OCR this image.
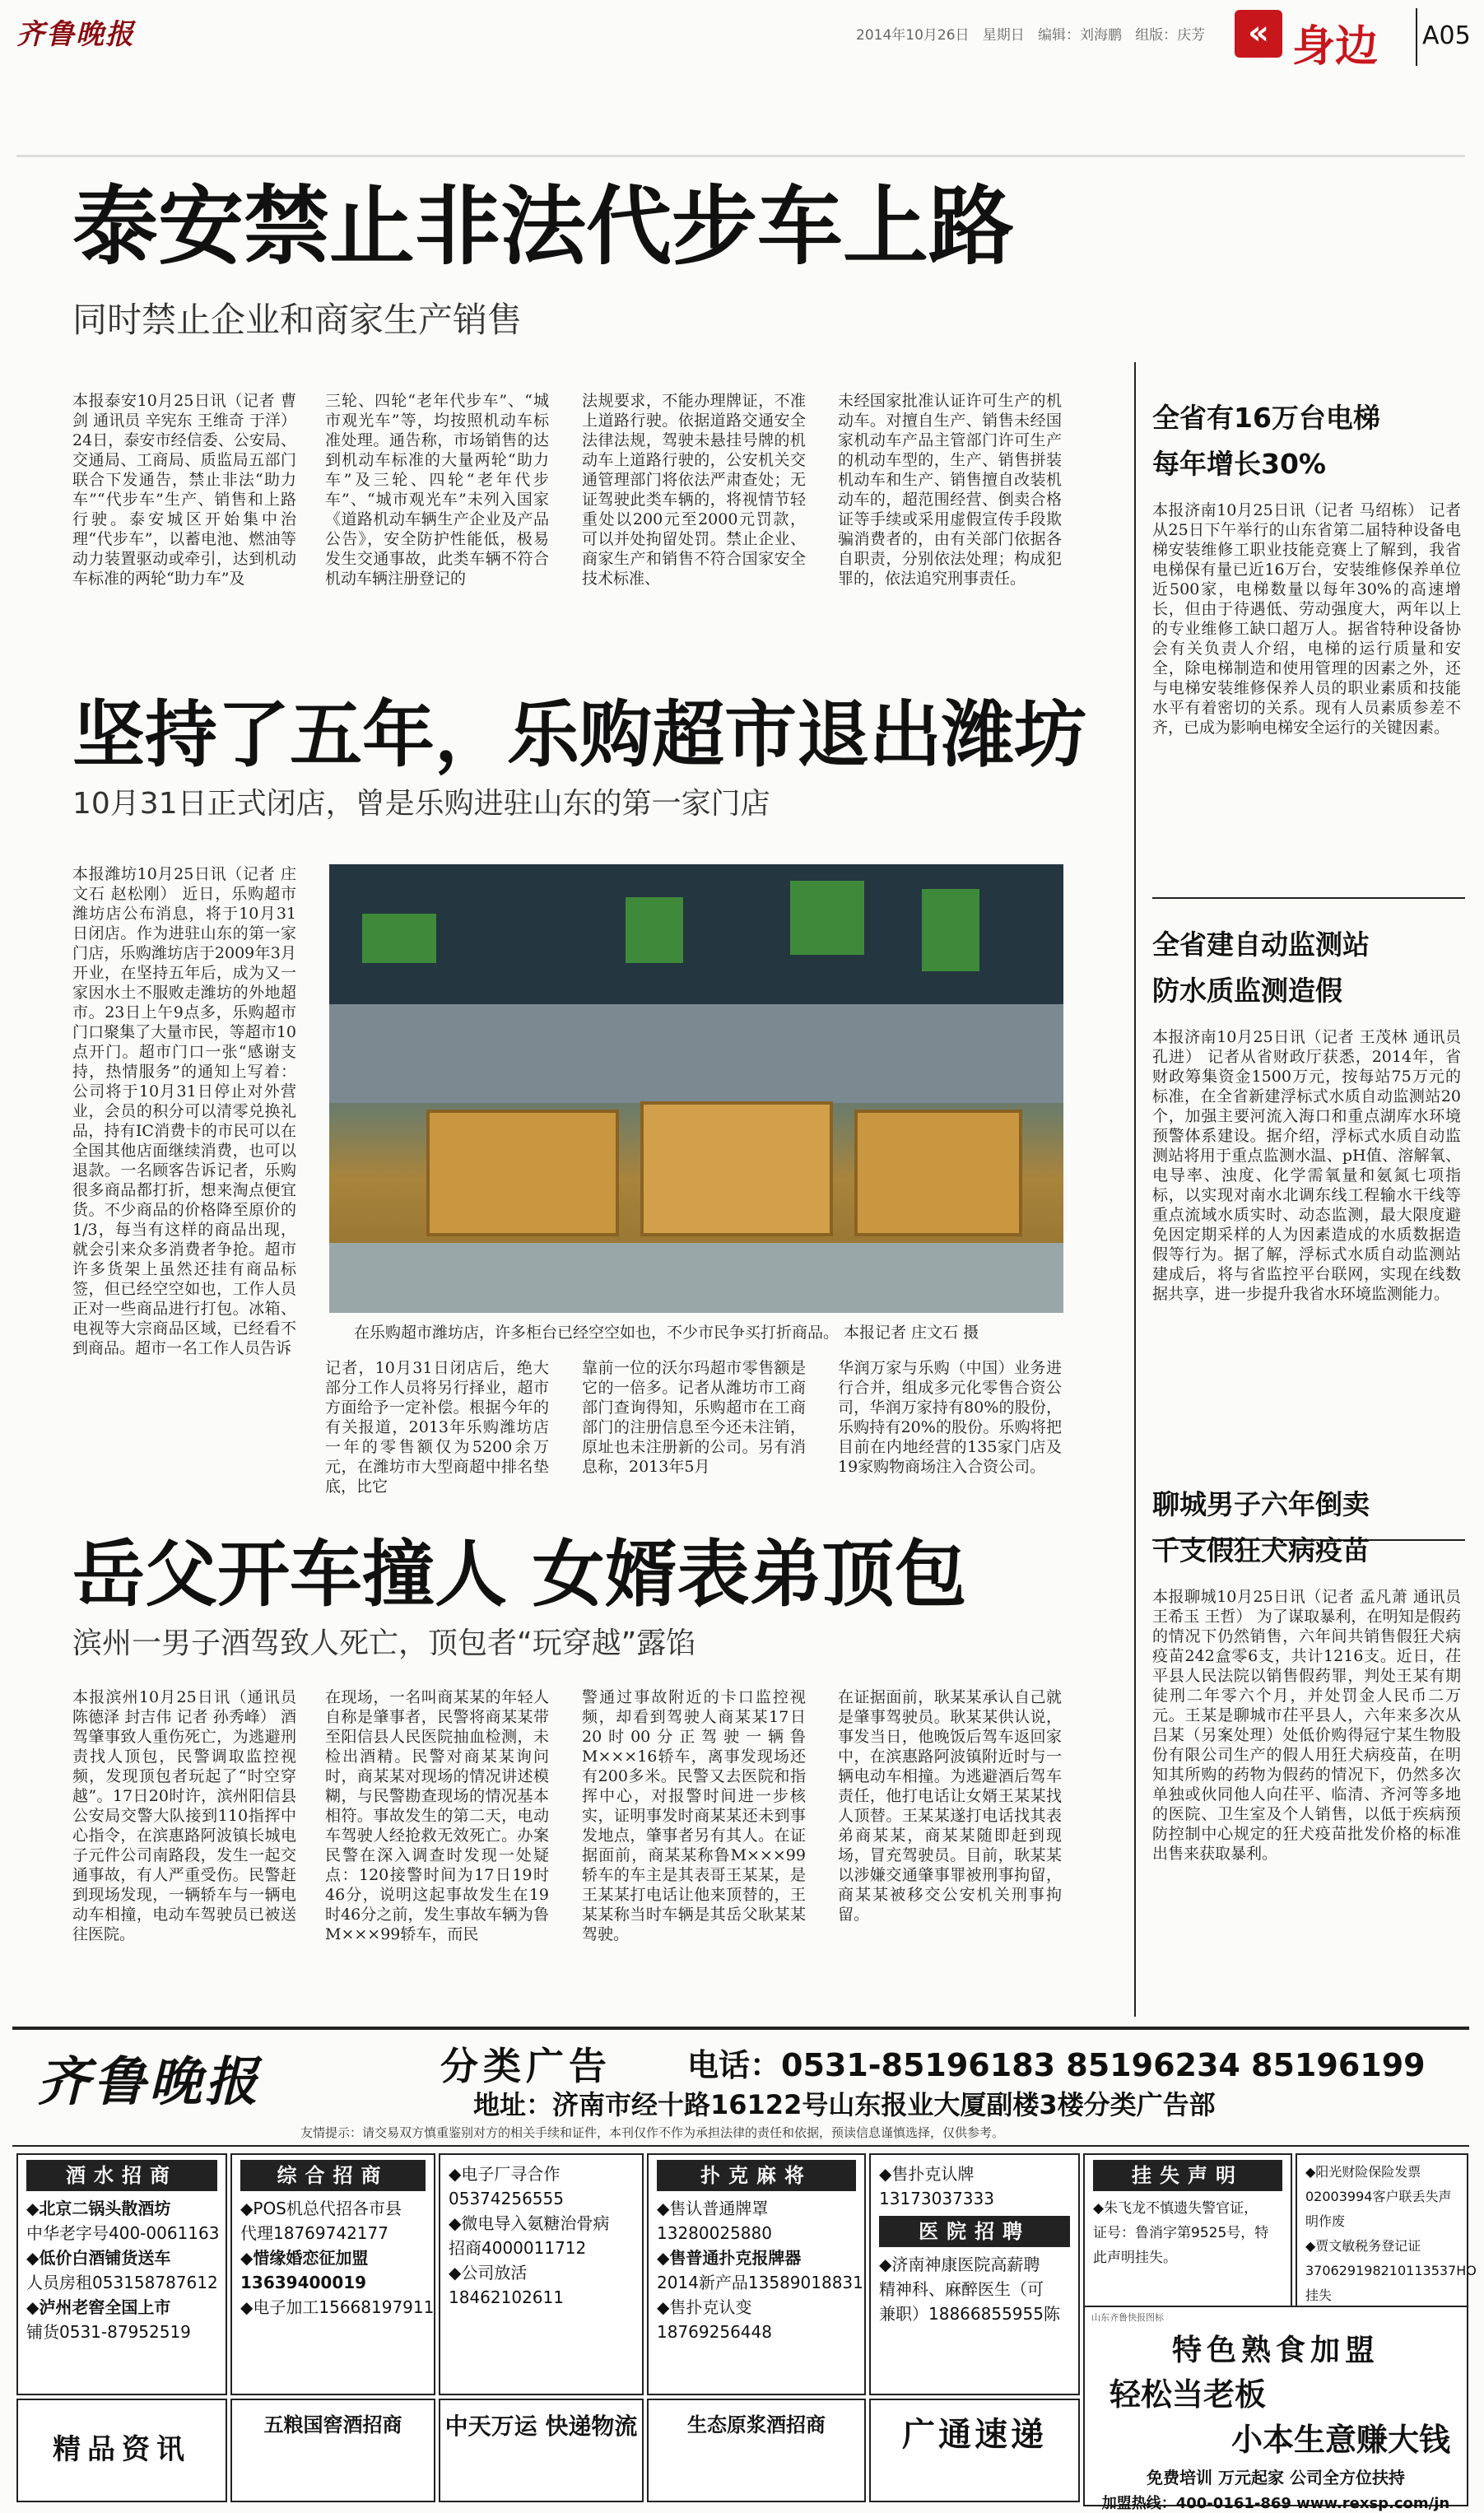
齐鲁晚报	2014年10月26日 星期日 编辑：刘海鹏 组版：庆芳	« 身边 A05
泰安禁止非法代步车上路
同时禁止企业和商家生产销售
本报泰安10月25日讯（记者 曹剑 通讯员 辛宪东 王维奇 于洋） 24日，泰安市经信委、公安局、交通局、工商局、质监局五部门联合下发通告，禁止非法“助力车”“代步车”生产、销售和上路行驶。泰安城区开始集中治理“代步车”，以蓄电池、燃油等动力装置驱动或牵引，达到机动车标准的两轮“助力车”及
三轮、四轮“老年代步车”、“城市观光车”等，均按照机动车标准处理。通告称，市场销售的达到机动车标准的大量两轮“助力车”及三轮、四轮“老年代步车”、“城市观光车”未列入国家《道路机动车辆生产企业及产品公告》，安全防护性能低，极易发生交通事故，此类车辆不符合机动车辆注册登记的
法规要求，不能办理牌证，不准上道路行驶。依据道路交通安全法律法规，驾驶未悬挂号牌的机动车上道路行驶的，公安机关交通管理部门将依法严肃查处；无证驾驶此类车辆的，将视情节轻重处以200元至2000元罚款，可以并处拘留处罚。禁止企业、商家生产和销售不符合国家安全技术标准、
未经国家批准认证许可生产的机动车。对擅自生产、销售未经国家机动车产品主管部门许可生产的机动车型的，生产、销售拼装机动车和生产、销售擅自改装机动车的，超范围经营、倒卖合格证等手续或采用虚假宣传手段欺骗消费者的，由有关部门依据各自职责，分别依法处理；构成犯罪的，依法追究刑事责任。
坚持了五年，乐购超市退出潍坊
10月31日正式闭店，曾是乐购进驻山东的第一家门店
本报潍坊10月25日讯（记者 庄文石 赵松刚） 近日，乐购超市潍坊店公布消息，将于10月31日闭店。作为进驻山东的第一家门店，乐购潍坊店于2009年3月开业，在坚持五年后，成为又一家因水土不服败走潍坊的外地超市。23日上午9点多，乐购超市门口聚集了大量市民，等超市10点开门。超市门口一张“感谢支持，热情服务”的通知上写着：公司将于10月31日停止对外营业，会员的积分可以清零兑换礼品，持有IC消费卡的市民可以在全国其他店面继续消费，也可以退款。一名顾客告诉记者，乐购很多商品都打折，想来淘点便宜货。不少商品的价格降至原价的1/3，每当有这样的商品出现，就会引来众多消费者争抢。超市许多货架上虽然还挂有商品标签，但已经空空如也，工作人员正对一些商品进行打包。冰箱、电视等大宗商品区域，已经看不到商品。超市一名工作人员告诉
在乐购超市潍坊店，许多柜台已经空空如也，不少市民争买打折商品。 本报记者 庄文石 摄
记者，10月31日闭店后，绝大部分工作人员将另行择业，超市方面给予一定补偿。根据今年的有关报道，2013年乐购潍坊店一年的零售额仅为5200余万元，在潍坊市大型商超中排名垫底，比它
靠前一位的沃尔玛超市零售额是它的一倍多。记者从潍坊市工商部门查询得知，乐购超市在工商部门的注册信息至今还未注销，原址也未注册新的公司。另有消息称，2013年5月
华润万家与乐购（中国）业务进行合并，组成多元化零售合资公司，华润万家持有80%的股份，乐购持有20%的股份。乐购将把目前在内地经营的135家门店及19家购物商场注入合资公司。
岳父开车撞人 女婿表弟顶包
滨州一男子酒驾致人死亡，顶包者“玩穿越”露馅
本报滨州10月25日讯（通讯员 陈德泽 封吉伟 记者 孙秀峰） 酒驾肇事致人重伤死亡，为逃避刑责找人顶包，民警调取监控视频，发现顶包者玩起了“时空穿越”。17日20时许，滨州阳信县公安局交警大队接到110指挥中心指令，在滨惠路阿波镇长城电子元件公司南路段，发生一起交通事故，有人严重受伤。民警赶到现场发现，一辆轿车与一辆电动车相撞，电动车驾驶员已被送往医院。
在现场，一名叫商某某的年轻人自称是肇事者，民警将商某某带至阳信县人民医院抽血检测，未检出酒精。民警对商某某询问时，商某某对现场的情况讲述模糊，与民警勘查现场的情况基本相符。事故发生的第二天，电动车驾驶人经抢救无效死亡。办案民警在深入调查时发现一处疑点：120接警时间为17日19时46分，说明这起事故发生在19时46分之前，发生事故车辆为鲁M×××99轿车，而民
警通过事故附近的卡口监控视频，却看到驾驶人商某某17日20时00分正驾驶一辆鲁M×××16轿车，离事发现场还有200多米。民警又去医院和指挥中心，对报警时间进一步核实，证明事发时商某某还未到事发地点，肇事者另有其人。在证据面前，商某某称鲁M×××99轿车的车主是其表哥王某某，是王某某打电话让他来顶替的，王某某称当时车辆是其岳父耿某某驾驶。
在证据面前，耿某某承认自己就是肇事驾驶员。耿某某供认说，事发当日，他晚饭后驾车返回家中，在滨惠路阿波镇附近时与一辆电动车相撞。为逃避酒后驾车责任，他打电话让女婿王某某找人顶替。王某某遂打电话找其表弟商某某，商某某随即赶到现场，冒充驾驶员。目前，耿某某以涉嫌交通肇事罪被刑事拘留，商某某被移交公安机关刑事拘留。
全省有16万台电梯
每年增长30%
本报济南10月25日讯（记者 马绍栋） 记者从25日下午举行的山东省第二届特种设备电梯安装维修工职业技能竞赛上了解到，我省电梯保有量已近16万台，安装维修保养单位近500家，电梯数量以每年30%的高速增长，但由于待遇低、劳动强度大，两年以上的专业维修工缺口超万人。据省特种设备协会有关负责人介绍，电梯的运行质量和安全，除电梯制造和使用管理的因素之外，还与电梯安装维修保养人员的职业素质和技能水平有着密切的关系。现有人员素质参差不齐，已成为影响电梯安全运行的关键因素。
全省建自动监测站
防水质监测造假
本报济南10月25日讯（记者 王茂林 通讯员 孔进） 记者从省财政厅获悉，2014年，省财政筹集资金1500万元，按每站75万元的标准，在全省新建浮标式水质自动监测站20个，加强主要河流入海口和重点湖库水环境预警体系建设。据介绍，浮标式水质自动监测站将用于重点监测水温、pH值、溶解氧、电导率、浊度、化学需氧量和氨氮七项指标，以实现对南水北调东线工程输水干线等重点流域水质实时、动态监测，最大限度避免因定期采样的人为因素造成的水质数据造假等行为。据了解，浮标式水质自动监测站建成后，将与省监控平台联网，实现在线数据共享，进一步提升我省水环境监测能力。
聊城男子六年倒卖
千支假狂犬病疫苗
本报聊城10月25日讯（记者 孟凡萧 通讯员 王希玉 王哲） 为了谋取暴利，在明知是假药的情况下仍然销售，六年间共销售假狂犬病疫苗242盒零6支，共计1216支。近日，茌平县人民法院以销售假药罪，判处王某有期徒刑二年零六个月，并处罚金人民币二万元。王某是聊城市茌平县人，六年来多次从吕某（另案处理）处低价购得冠宁某生物股份有限公司生产的假人用狂犬病疫苗，在明知其所购的药物为假药的情况下，仍然多次单独或伙同他人向茌平、临清、齐河等多地的医院、卫生室及个人销售，以低于疾病预防控制中心规定的狂犬疫苗批发价格的标准出售来获取暴利。
齐鲁晚报	分类广告 电话：0531-85196183 85196234 85196199
地址：济南市经十路16122号山东报业大厦副楼3楼分类广告部
友情提示：请交易双方慎重鉴别对方的相关手续和证件，本刊仅作不作为承担法律的责任和依据，预读信息谨慎选择，仅供参考。
酒水招商
◆北京二锅头散酒坊
中华老字号400-0061163
◆低价白酒铺货送车
人员房租053158787612
◆泸州老窖全国上市
铺货0531-87952519
综合招商
◆POS机总代招各市县
代理18769742177
◆惜缘婚恋征加盟
13639400019
◆电子加工15668197911
◆电子厂寻合作
05374256555
◆微电导入氨糖治骨病
招商4000011712
◆公司放活
18462102611
扑克麻将
◆售认普通牌罩
13280025880
◆售普通扑克报牌器
2014新产品13589018831
◆售扑克认变
18769256448
◆售扑克认牌
13173037333
医院招聘
◆济南神康医院高薪聘
精神科、麻醉医生（可
兼职）18866855955陈
挂失声明
◆朱飞龙不慎遗失警官证，
证号：鲁消字第9525号，特
此声明挂失。
◆阳光财险保险发票
02003994客户联丢失声
明作废
◆贾文敏税务登记证
370629198210113537HO
挂失
山东齐鲁快报图标
特色熟食加盟
轻松当老板
小本生意赚大钱
免费培训 万元起家 公司全方位扶持
加盟热线：400-0161-869 www.rexsp.com/jn
精品资讯
五粮国窖酒招商	中天万运 快递物流	生态原浆酒招商	广通速递
